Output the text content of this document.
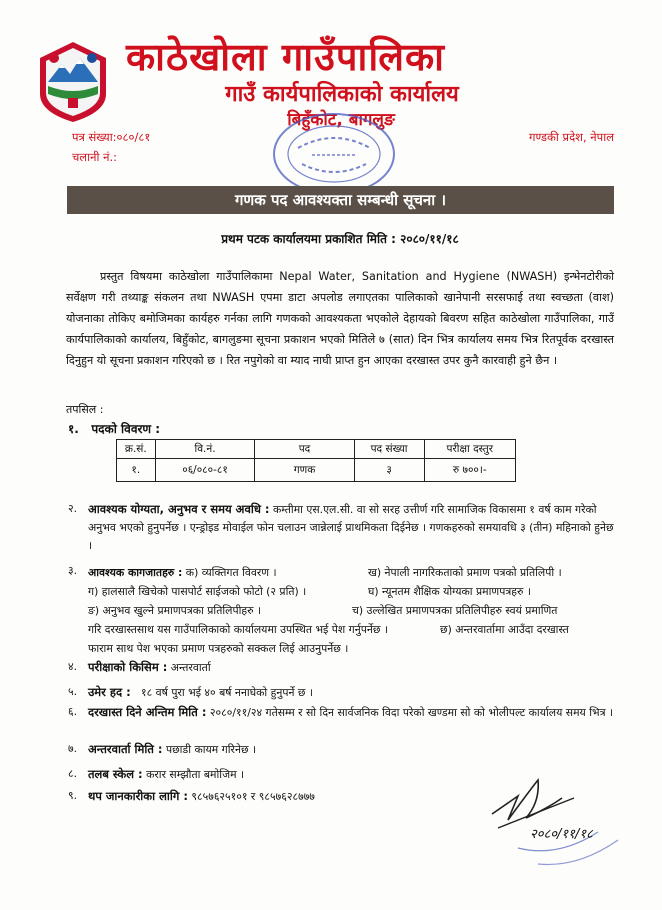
काठेखोला गाउँपालिका
गाउँ कार्यपालिकाको कार्यालय
बिहुँकोट, बागलुङ
पत्र संख्या:०८०/८१
चलानी नं.:
गण्डकी प्रदेश, नेपाल
गणक पद आवश्यक्ता सम्बन्धी सूचना ।
प्रथम पटक कार्यालयमा प्रकाशित मिति : २०८०/११/१८
प्रस्तुत विषयमा काठेखोला गाउँपालिकामा Nepal Water, Sanitation and Hygiene (NWASH) इन्भेनटोरीको सर्वेक्षण गरी तथ्याङ्क संकलन तथा NWASH एपमा डाटा अपलोड लगाएतका पालिकाको खानेपानी सरसफाई तथा स्वच्छता (वाश) योजनाका तोकिए बमोजिमका कार्यहरु गर्नका लागि गणकको आवश्यकता भएकोले देहायको बिवरण सहित काठेखोला गाउँपालिका, गाउँ कार्यपालिकाको कार्यालय, बिहुँकोट, बागलुङमा सूचना प्रकाशन भएको मितिले ७ (सात) दिन भित्र कार्यालय समय भित्र रितपूर्वक दरखास्त दिनुहुन यो सूचना प्रकाशन गरिएको छ । रित नपुगेको वा म्याद नाघी प्राप्त हुन आएका दरखास्त उपर कुनै कारवाही हुने छैन ।
तपसिल :
१. पदको विवरण :
क्र.सं.	वि.नं.	पद	पद संख्या	परीक्षा दस्तुर
१.	०६/०८०-८१	गणक	३	रु ७००।-
२. आवश्यक योग्यता, अनुभव र समय अवधि : कम्तीमा एस.एल.सी. वा सो सरह उत्तीर्ण गरि सामाजिक विकासमा १ वर्ष काम गरेको अनुभव भएको हुनुपर्नेछ । एन्ड्रोइड मोवाईल फोन चलाउन जान्नेलाई प्राथमिकता दिईनेछ । गणकहरुको समयावधि ३ (तीन) महिनाको हुनेछ ।
३.	आवश्यक कागजातहरु : क) व्यक्तिगत विवरण ।	ख) नेपाली नागरिकताको प्रमाण पत्रको प्रतिलिपी ।
ग) हालसालै खिचेको पासपोर्ट साईजको फोटो (२ प्रति) ।	घ) न्यूनतम शैक्षिक योग्यका प्रमाणपत्रहरु ।
ङ) अनुभव खुल्ने प्रमाणपत्रका प्रतिलिपीहरु ।	च) उल्लेखित प्रमाणपत्रका प्रतिलिपीहरु स्वयं प्रमाणित
गरि दरखास्तसाथ यस गाउँपालिकाको कार्यालयमा उपस्थित भई पेश गर्नुपर्नेछ ।	छ) अन्तरवार्तामा आउँदा दरखास्त
फाराम साथ पेश भएका प्रमाण पत्रहरुको सक्कल लिई आउनुपर्नेछ ।
४. परीक्षाको किसिम : अन्तरवार्ता
५. उमेर हद : १८ वर्ष पुरा भई ४० बर्ष ननाघेको हुनुपर्ने छ ।
६. दरखास्त दिने अन्तिम मिति : २०८०/११/२४ गतेसम्म र सो दिन सार्वजनिक विदा परेको खण्डमा सो को भोलीपल्ट कार्यालय समय भित्र ।
७. अन्तरवार्ता मिति : पछाडी कायम गरिनेछ ।
८. तलब स्केल : करार सम्झौता बमोजिम ।
९. थप जानकारीका लागि : ९८५७६२५१०१ र ९८५७६२८७७७
२०८०/११/१८
